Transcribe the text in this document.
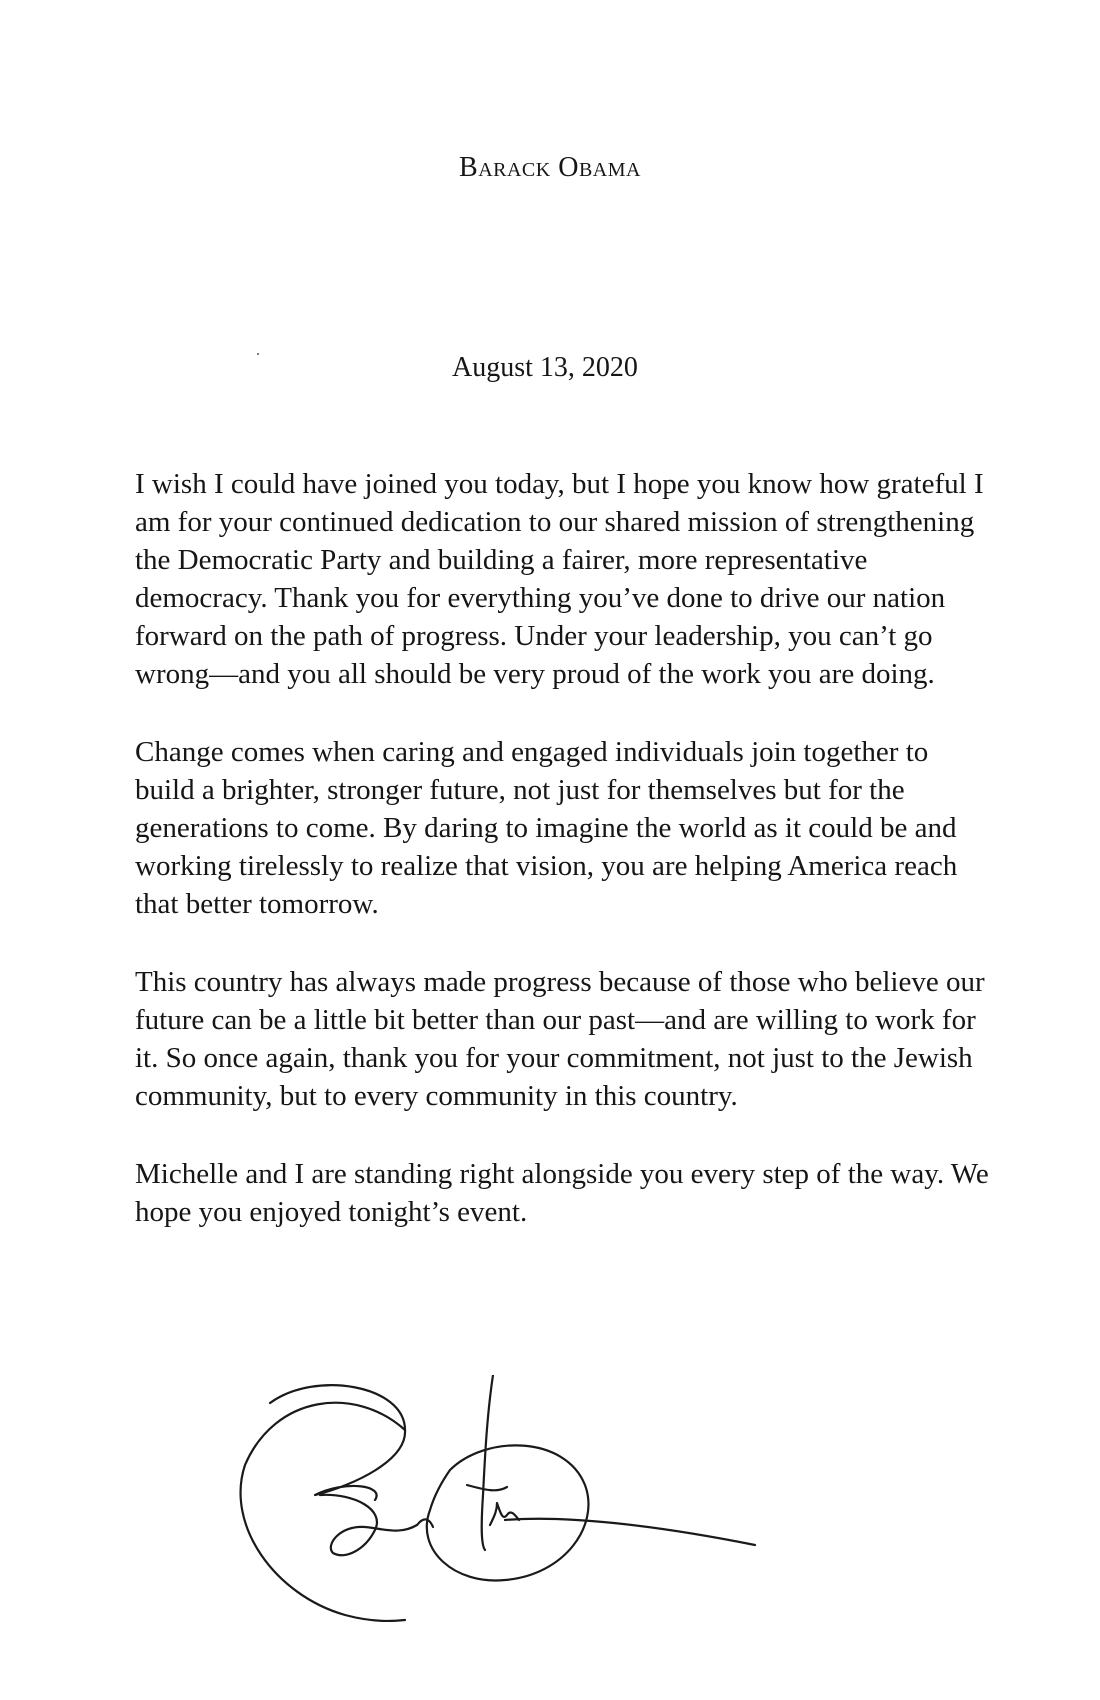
Barack Obama
August 13, 2020

I wish I could have joined you today, but I hope you know how grateful I am for your continued dedication to our shared mission of strengthening the Democratic Party and building a fairer, more representative democracy. Thank you for everything you’ve done to drive our nation forward on the path of progress. Under your leadership, you can’t go wrong—and you all should be very proud of the work you are doing.

Change comes when caring and engaged individuals join together to build a brighter, stronger future, not just for themselves but for the generations to come. By daring to imagine the world as it could be and working tirelessly to realize that vision, you are helping America reach that better tomorrow.

This country has always made progress because of those who believe our future can be a little bit better than our past—and are willing to work for it. So once again, thank you for your commitment, not just to the Jewish community, but to every community in this country.

Michelle and I are standing right alongside you every step of the way. We hope you enjoyed tonight’s event.
